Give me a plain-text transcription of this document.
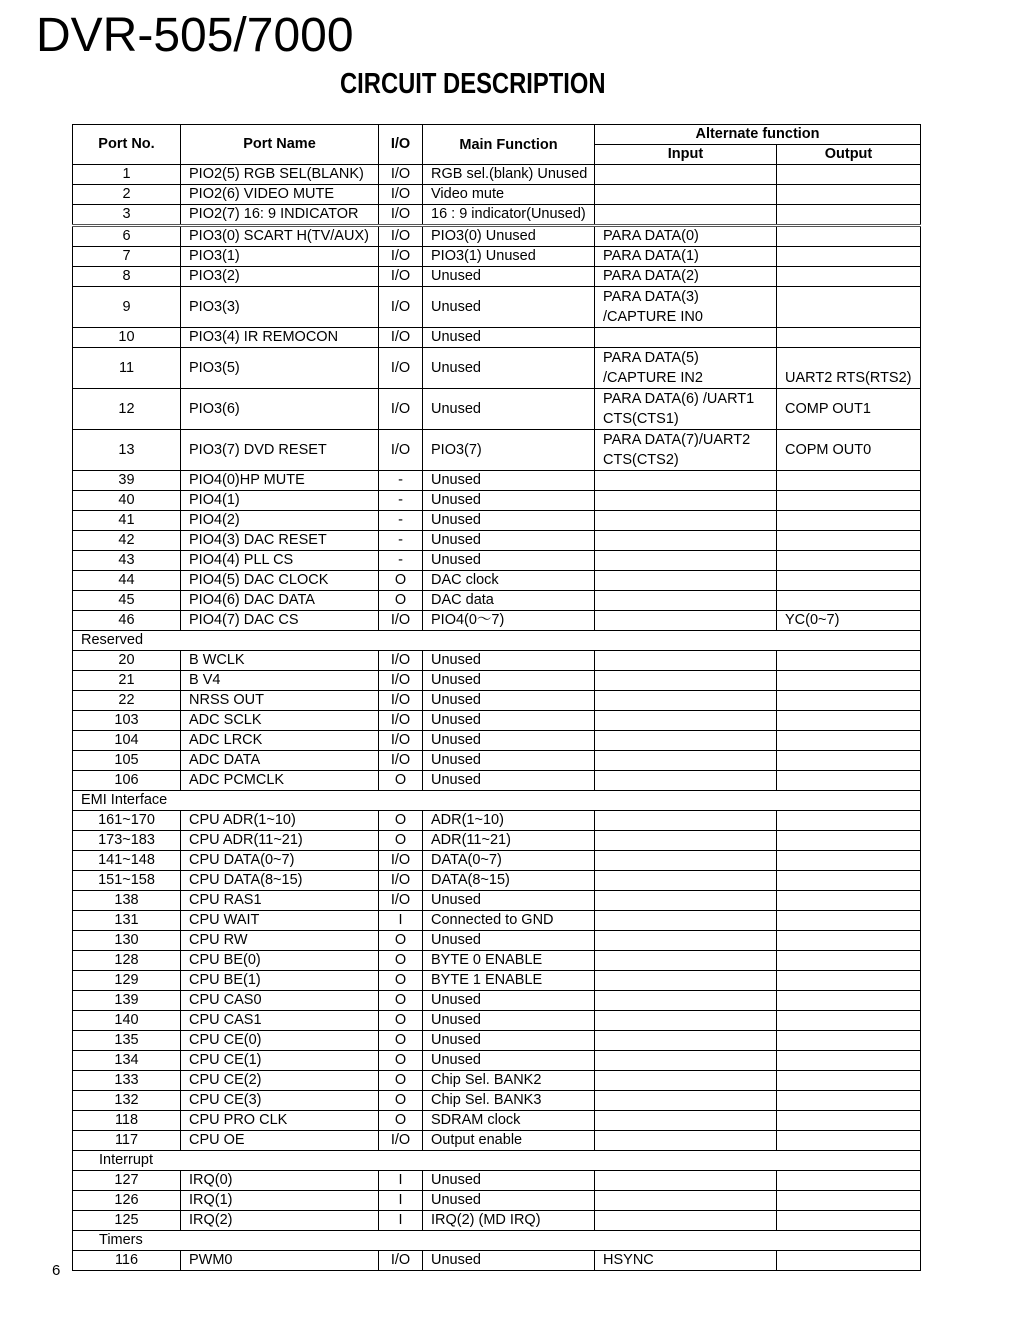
DVR-505/7000
CIRCUIT DESCRIPTION
Port No.	Port Name	I/O	Main Function	Alternate function	
				Input	Output
1	PIO2(5) RGB SEL(BLANK)	I/O	RGB sel.(blank) Unused		
2	PIO2(6) VIDEO MUTE	I/O	Video mute		
3	PIO2(7) 16: 9 INDICATOR	I/O	16 : 9 indicator(Unused)		
6	PIO3(0) SCART H(TV/AUX)	I/O	PIO3(0) Unused	PARA DATA(0)	
7	PIO3(1)	I/O	PIO3(1) Unused	PARA DATA(1)	
8	PIO3(2)	I/O	Unused	PARA DATA(2)	
9	PIO3(3)	I/O	Unused	PARA DATA(3) /CAPTURE IN0	
10	PIO3(4) IR REMOCON	I/O	Unused		
11	PIO3(5)	I/O	Unused	PARA DATA(5) /CAPTURE IN2	UART2 RTS(RTS2)
12	PIO3(6)	I/O	Unused	PARA DATA(6) /UART1 CTS(CTS1)	COMP OUT1
13	PIO3(7) DVD RESET	I/O	PIO3(7)	PARA DATA(7)/UART2 CTS(CTS2)	COPM OUT0
39	PIO4(0)HP MUTE	-	Unused		
40	PIO4(1)	-	Unused		
41	PIO4(2)	-	Unused		
42	PIO4(3) DAC RESET	-	Unused		
43	PIO4(4) PLL CS	-	Unused		
44	PIO4(5) DAC CLOCK	O	DAC clock		
45	PIO4(6) DAC DATA	O	DAC data		
46	PIO4(7) DAC CS	I/O	PIO4(0～7)		YC(0~7)
Reserved					
20	B WCLK	I/O	Unused		
21	B V4	I/O	Unused		
22	NRSS OUT	I/O	Unused		
103	ADC SCLK	I/O	Unused		
104	ADC LRCK	I/O	Unused		
105	ADC DATA	I/O	Unused		
106	ADC PCMCLK	O	Unused		
EMI Interface					
161~170	CPU ADR(1~10)	O	ADR(1~10)		
173~183	CPU ADR(11~21)	O	ADR(11~21)		
141~148	CPU DATA(0~7)	I/O	DATA(0~7)		
151~158	CPU DATA(8~15)	I/O	DATA(8~15)		
138	CPU RAS1	I/O	Unused		
131	CPU WAIT	I	Connected to GND		
130	CPU RW	O	Unused		
128	CPU BE(0)	O	BYTE 0 ENABLE		
129	CPU BE(1)	O	BYTE 1 ENABLE		
139	CPU CAS0	O	Unused		
140	CPU CAS1	O	Unused		
135	CPU CE(0)	O	Unused		
134	CPU CE(1)	O	Unused		
133	CPU CE(2)	O	Chip Sel. BANK2		
132	CPU CE(3)	O	Chip Sel. BANK3		
118	CPU PRO CLK	O	SDRAM clock		
117	CPU OE	I/O	Output enable		
Interrupt					
127	IRQ(0)	I	Unused		
126	IRQ(1)	I	Unused		
125	IRQ(2)	I	IRQ(2) (MD IRQ)		
Timers					
116	PWM0	I/O	Unused	HSYNC	
6
